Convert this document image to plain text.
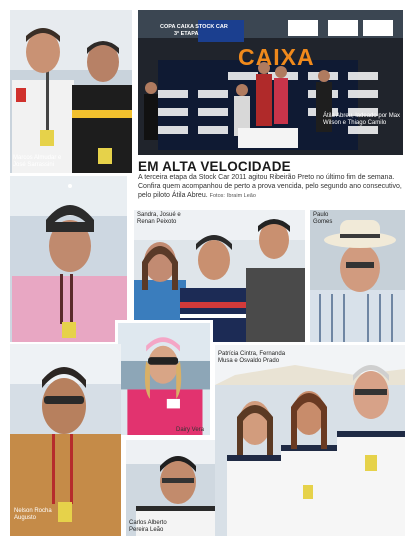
Marcos Almudar e José Sarrassini
COPA CAIXA STOCK CAR
3ª ETAPA
CAIXA
Átila Abreu, ladeado por Max Wilson e Thiago Camilo
EM ALTA VELOCIDADE
A terceira etapa da Stock Car 2011 agitou Ribeirão Preto no último fim de semana. Confira quem acompanhou de perto a prova vencida, pelo segundo ano consecutivo, pelo piloto Átila Abreu. Fotos: Ibraim Leão
Sandra, Josué e Renan Peixoto
Paulo Gomes
Dairy Vera
Nelson Rocha Augusto
Carlos Alberto Pereira Leão
Patrícia Cintra, Fernanda Musa e Osvaldo Prado
